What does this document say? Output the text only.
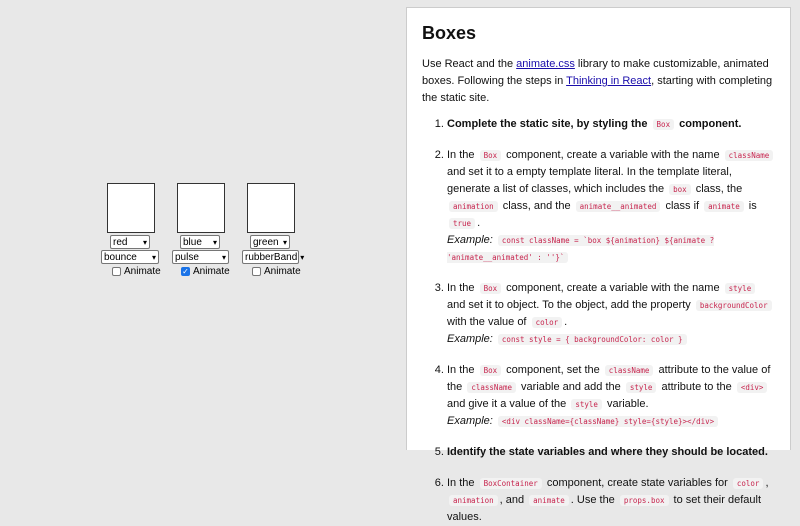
red	▾
bounce	▾
Animate
blue	▾
pulse	▾
✓ Animate
green ▾
rubberBand ▾
Animate
Boxes

Use React and the animate.css library to make customizable, animated boxes. Following the steps in Thinking in React, starting with completing the static site.

1. Complete the static site, by styling the Box component.
2. In the Box component, create a variable with the name className and set it to a empty template literal. In the template literal, generate a list of classes, which includes the box class, the animation class, and the animate__animated class if animate is true .
Example: const className = `box ${animation} ${animate ? 'animate__animated' : ''}`
3. In the Box component, create a variable with the name style and set it to object. To the object, add the property backgroundColor with the value of color .
Example: const style = { backgroundColor: color }
4. In the Box component, set the className attribute to the value of the className variable and add the style attribute to the <div> and give it a value of the style variable.
Example: <div className={className} style={style}></div>
5. Identify the state variables and where they should be located.
6. In the BoxContainer component, create state variables for color , animation , and animate . Use the props.box to set their default values.
